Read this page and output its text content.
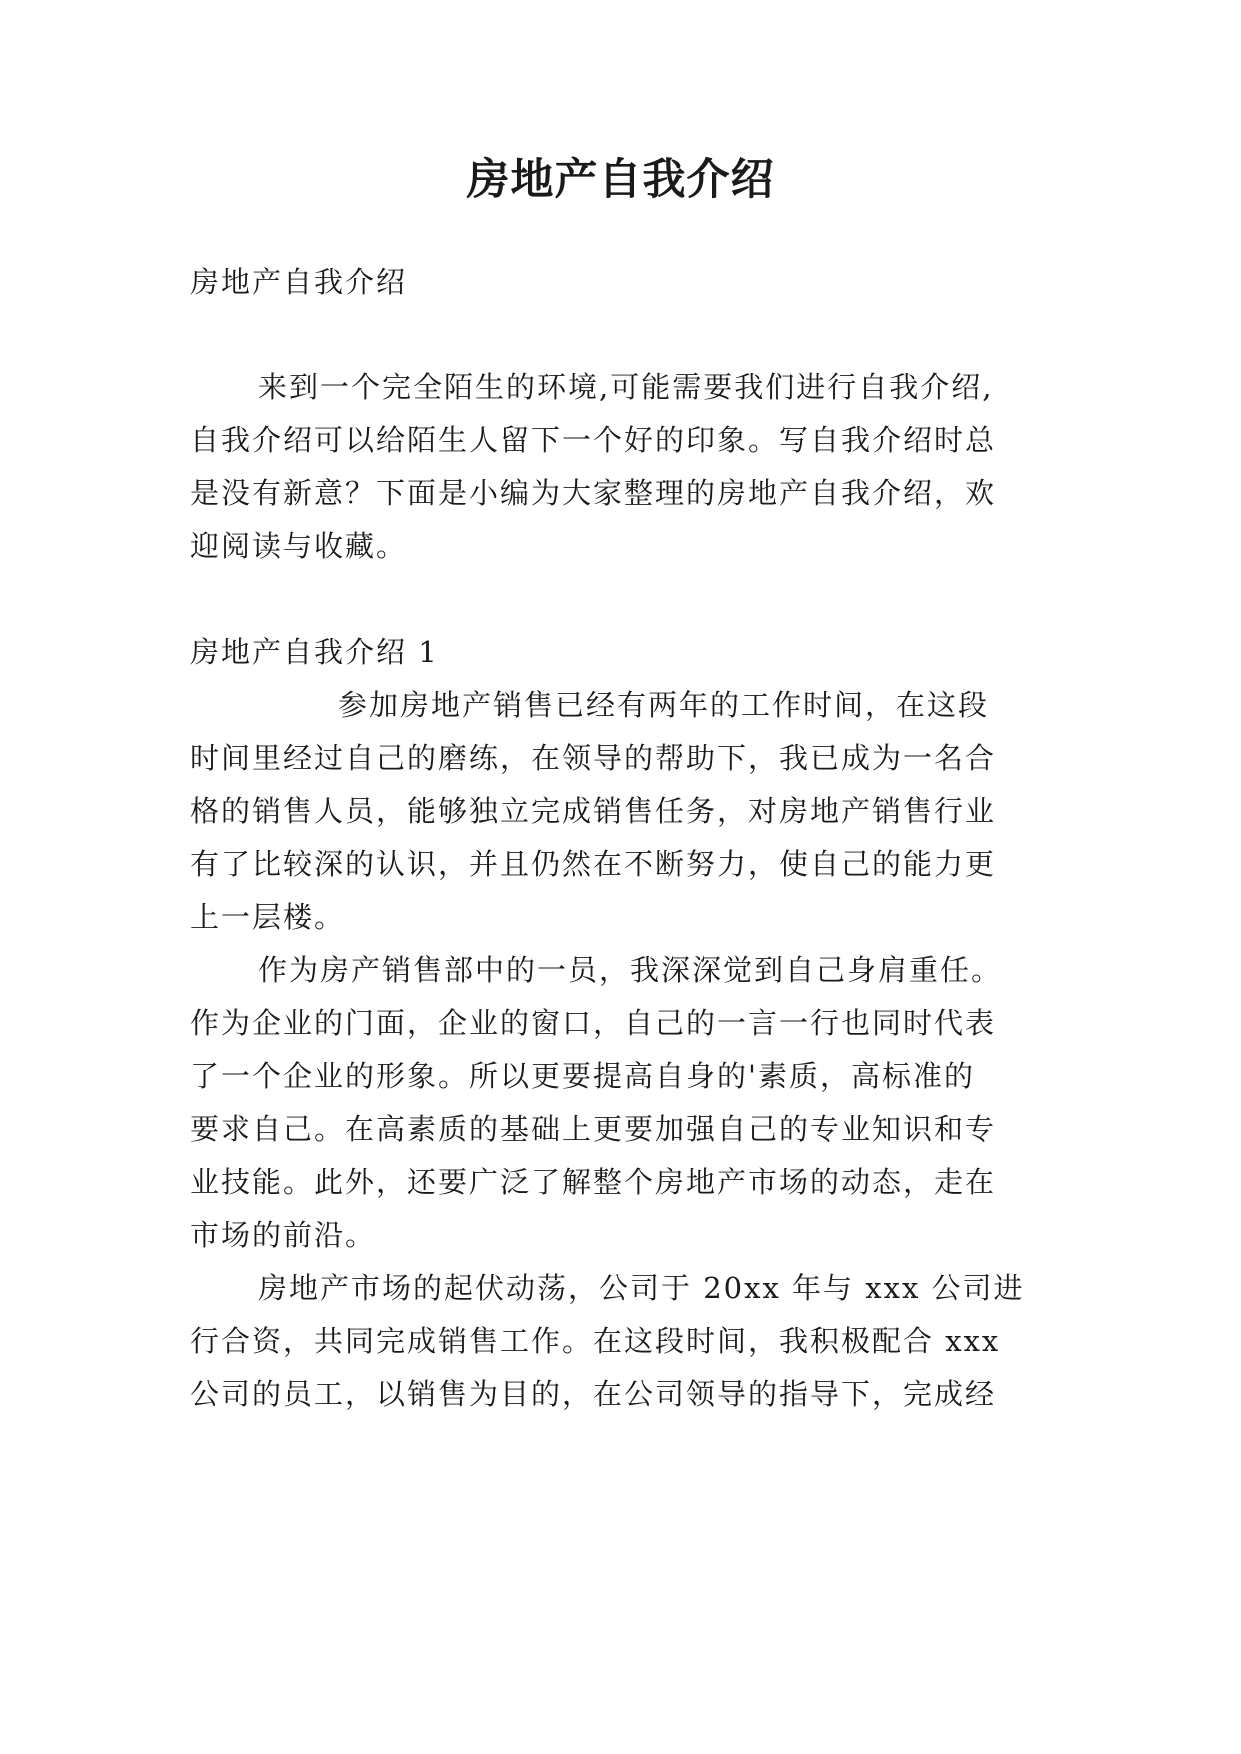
房地产自我介绍
房地产自我介绍
来到一个完全陌生的环境,可能需要我们进行自我介绍,
自我介绍可以给陌生人留下一个好的印象。写自我介绍时总
是没有新意？下面是小编为大家整理的房地产自我介绍，欢
迎阅读与收藏。
房地产自我介绍 1
参加房地产销售已经有两年的工作时间，在这段
时间里经过自己的磨练，在领导的帮助下，我已成为一名合
格的销售人员，能够独立完成销售任务，对房地产销售行业
有了比较深的认识，并且仍然在不断努力，使自己的能力更
上一层楼。
作为房产销售部中的一员，我深深觉到自己身肩重任。
作为企业的门面，企业的窗口，自己的一言一行也同时代表
了一个企业的形象。所以更要提高自身的'素质，高标准的
要求自己。在高素质的基础上更要加强自己的专业知识和专
业技能。此外，还要广泛了解整个房地产市场的动态，走在
市场的前沿。
房地产市场的起伏动荡，公司于 20xx 年与 xxx 公司进
行合资，共同完成销售工作。在这段时间，我积极配合 xxx
公司的员工，以销售为目的，在公司领导的指导下，完成经
